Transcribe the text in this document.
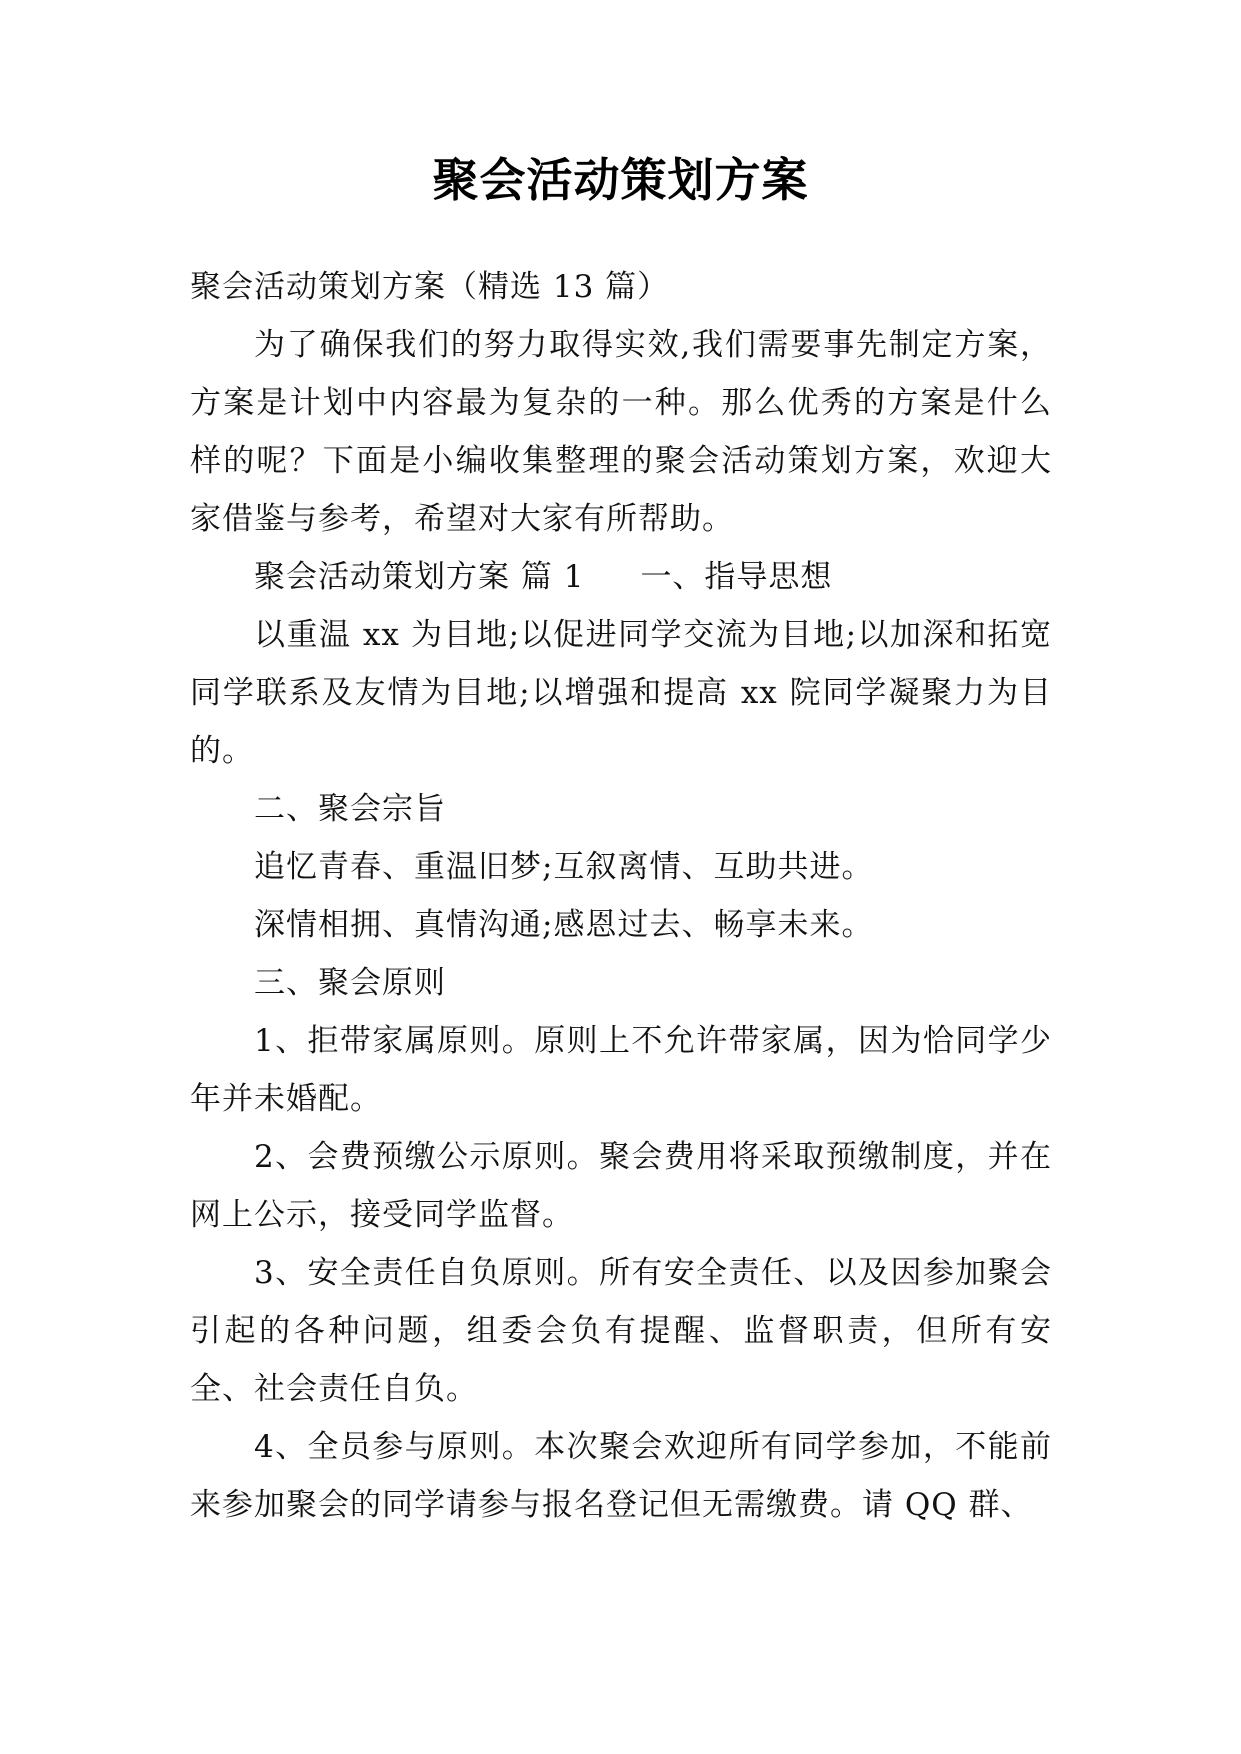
聚会活动策划方案

聚会活动策划方案（精选 13 篇）

为了确保我们的努力取得实效,我们需要事先制定方案，方案是计划中内容最为复杂的一种。那么优秀的方案是什么样的呢？下面是小编收集整理的聚会活动策划方案，欢迎大家借鉴与参考，希望对大家有所帮助。

聚会活动策划方案 篇 1 一、指导思想

以重温 xx 为目地;以促进同学交流为目地;以加深和拓宽同学联系及友情为目地;以增强和提高 xx 院同学凝聚力为目的。

二、聚会宗旨

追忆青春、重温旧梦;互叙离情、互助共进。

深情相拥、真情沟通;感恩过去、畅享未来。

三、聚会原则

1、拒带家属原则。原则上不允许带家属，因为恰同学少年并未婚配。

2、会费预缴公示原则。聚会费用将采取预缴制度，并在网上公示，接受同学监督。

3、安全责任自负原则。所有安全责任、以及因参加聚会引起的各种问题，组委会负有提醒、监督职责，但所有安全、社会责任自负。

4、全员参与原则。本次聚会欢迎所有同学参加，不能前来参加聚会的同学请参与报名登记但无需缴费。请 QQ 群、
